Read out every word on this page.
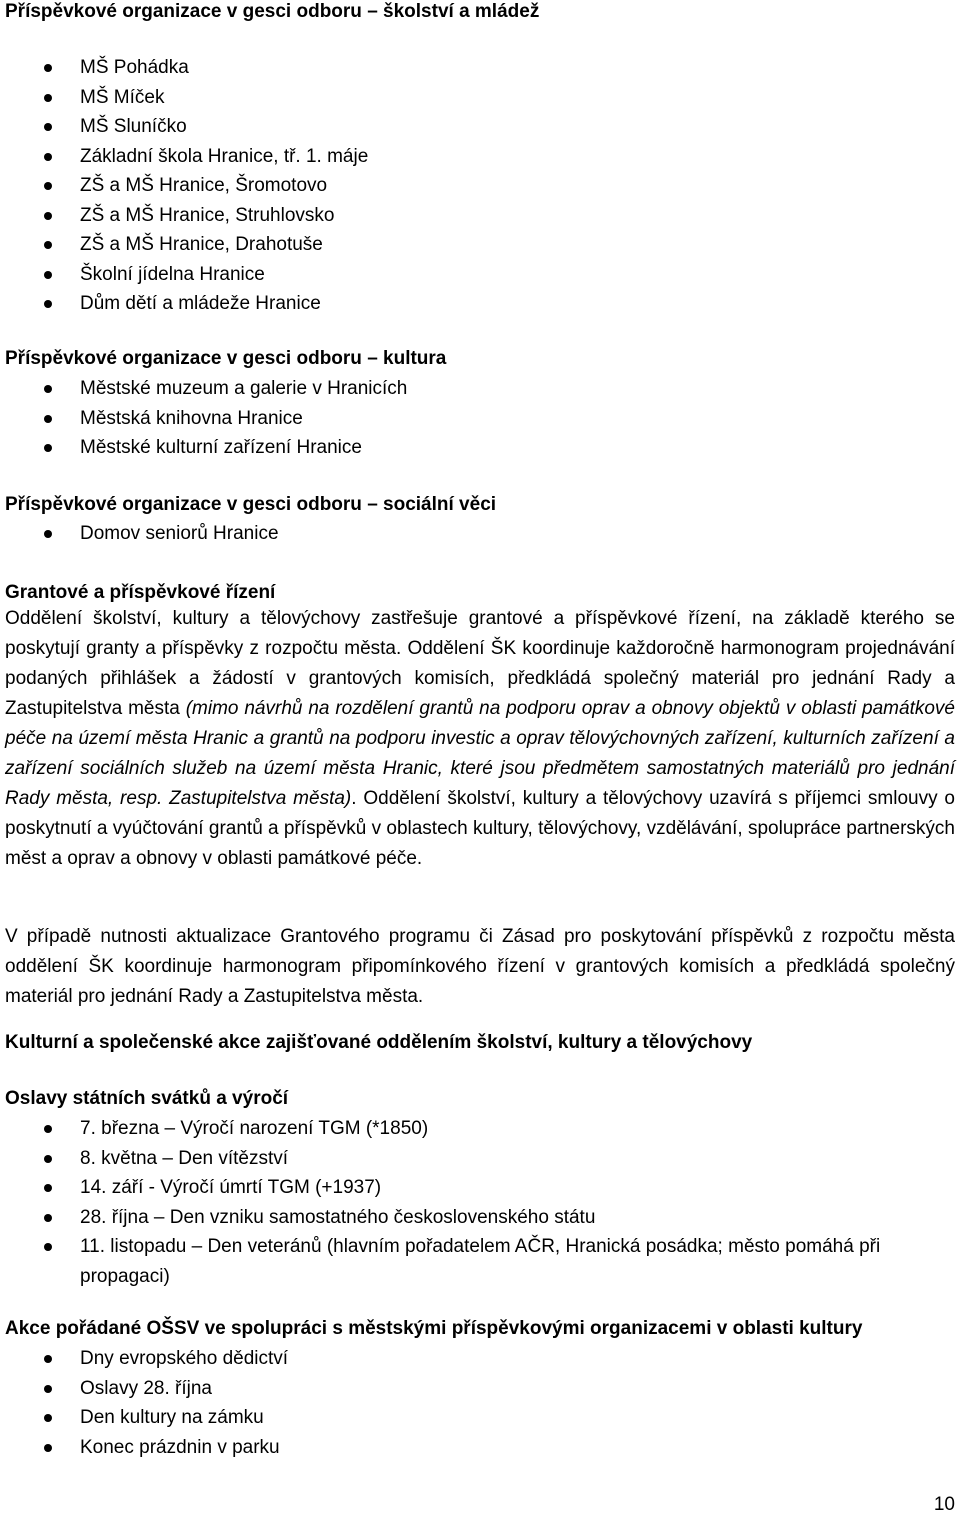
Příspěvkové organizace v gesci odboru – školství a mládež

MŠ Pohádka
MŠ Míček
MŠ Sluníčko
Základní škola Hranice, tř. 1. máje
ZŠ a MŠ Hranice, Šromotovo
ZŠ a MŠ Hranice, Struhlovsko
ZŠ a MŠ Hranice, Drahotuše
Školní jídelna Hranice
Dům dětí a mládeže Hranice

Příspěvkové organizace v gesci odboru – kultura

Městské muzeum a galerie v Hranicích
Městská knihovna Hranice
Městské kulturní zařízení Hranice

Příspěvkové organizace v gesci odboru – sociální věci

Domov seniorů Hranice

Grantové a příspěvkové řízení

Oddělení školství, kultury a tělovýchovy zastřešuje grantové a příspěvkové řízení, na základě kterého se poskytují granty a příspěvky z rozpočtu města. Oddělení ŠK koordinuje každoročně harmonogram projednávání podaných přihlášek a žádostí v grantových komisích, předkládá společný materiál pro jednání Rady a Zastupitelstva města (mimo návrhů na rozdělení grantů na podporu oprav a obnovy objektů v oblasti památkové péče na území města Hranic a grantů na podporu investic a oprav tělovýchovných zařízení, kulturních zařízení a zařízení sociálních služeb na území města Hranic, které jsou předmětem samostatných materiálů pro jednání Rady města, resp. Zastupitelstva města). Oddělení školství, kultury a tělovýchovy uzavírá s příjemci smlouvy o poskytnutí a vyúčtování grantů a příspěvků v oblastech kultury, tělovýchovy, vzdělávání, spolupráce partnerských měst a oprav a obnovy v oblasti památkové péče.

V případě nutnosti aktualizace Grantového programu či Zásad pro poskytování příspěvků z rozpočtu města oddělení ŠK koordinuje harmonogram připomínkového řízení v grantových komisích a předkládá společný materiál pro jednání Rady a Zastupitelstva města.

Kulturní a společenské akce zajišťované oddělením školství, kultury a tělovýchovy

Oslavy státních svátků a výročí

7. března – Výročí narození TGM (*1850)
8. května – Den vítězství
14. září - Výročí úmrtí TGM (+1937)
28. října – Den vzniku samostatného československého státu
11. listopadu – Den veteránů (hlavním pořadatelem AČR, Hranická posádka; město pomáhá při propagaci)

Akce pořádané OŠSV ve spolupráci s městskými příspěvkovými organizacemi v oblasti kultury

Dny evropského dědictví
Oslavy 28. října
Den kultury na zámku
Konec prázdnin v parku
10
